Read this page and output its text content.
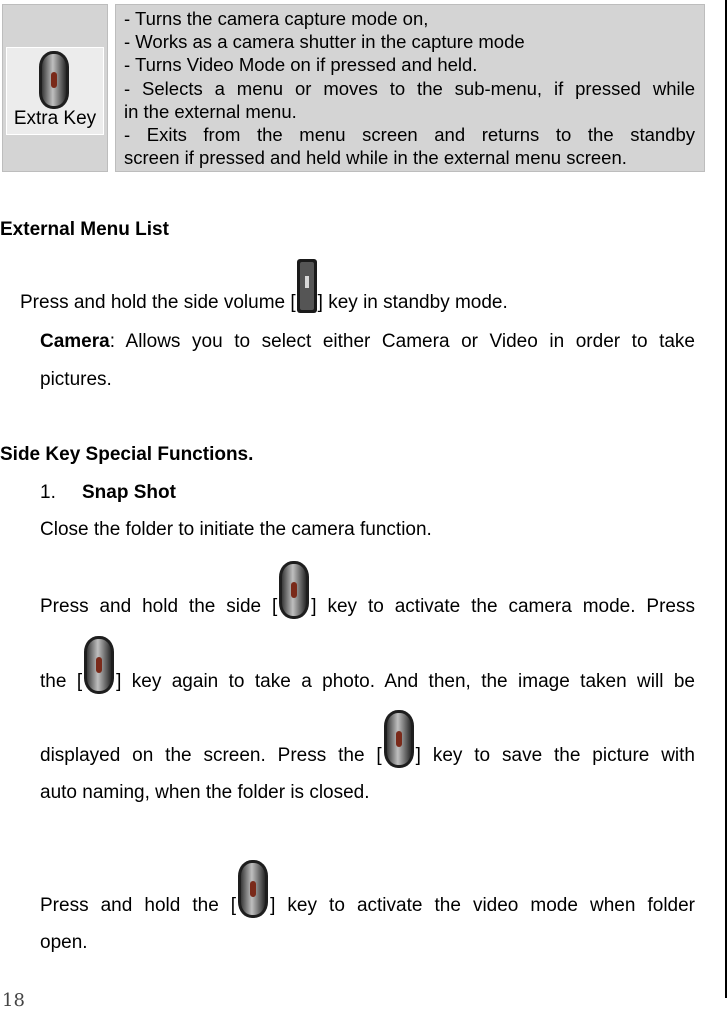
Extra Key
- Turns the camera capture mode on,
- Works as a camera shutter in the capture mode
- Turns Video Mode on if pressed and held.
- Selects a menu or moves to the sub-menu, if pressed while
in the external menu.
- Exits from the menu screen and returns to the standby
screen if pressed and held while in the external menu screen.
External Menu List
Press and hold the side volume [ ] key in standby mode.
Camera: Allows you to select either Camera or Video in order to take
pictures.
Side Key Special Functions.
1. Snap Shot
Close the folder to initiate the camera function.
Press and hold the side [ ] key to activate the camera mode. Press
the [ ] key again to take a photo. And then, the image taken will be
displayed on the screen. Press the [ ] key to save the picture with
auto naming, when the folder is closed.
Press and hold the [ ] key to activate the video mode when folder
open.
18
